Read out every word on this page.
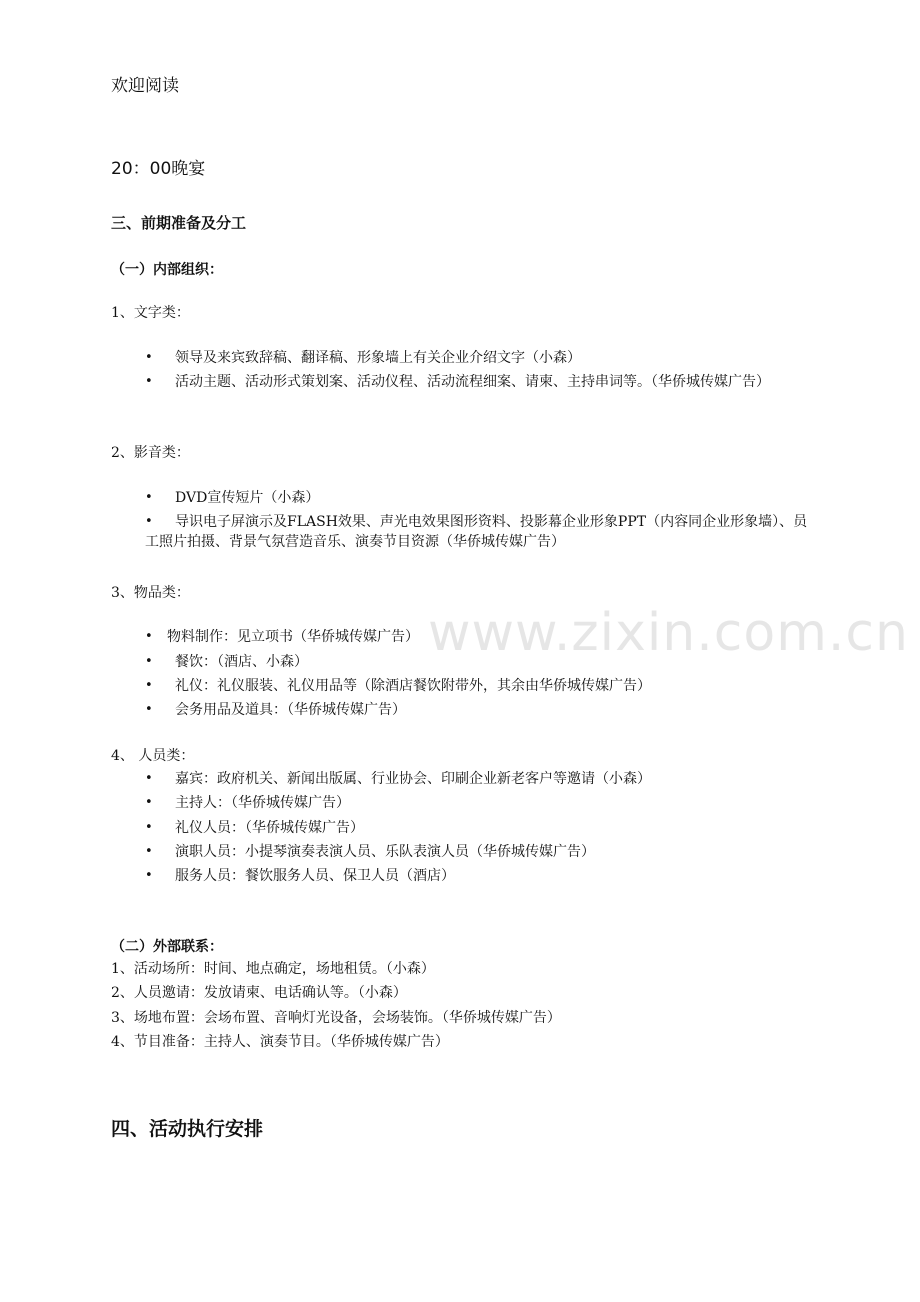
www.zixin.com.cn
欢迎阅读
20：00晚宴
三、前期准备及分工
（一）内部组织：
1、文字类：
• 领导及来宾致辞稿、翻译稿、形象墙上有关企业介绍文字（小森）
•	活动主题、活动形式策划案、活动仪程、活动流程细案、请柬、主持串词等。（华侨城传媒广告）
2、影音类：
• DVD宣传短片（小森）
•	导识电子屏演示及FLASH效果、声光电效果图形资料、投影幕企业形象PPT（内容同企业形象墙）、员工照片拍摄、背景气氛营造音乐、演奏节目资源（华侨城传媒广告）
3、物品类：
• 物料制作：见立项书（华侨城传媒广告）
• 餐饮：（酒店、小森）
• 礼仪：礼仪服装、礼仪用品等（除酒店餐饮附带外，其余由华侨城传媒广告）
• 会务用品及道具：（华侨城传媒广告）
4、 人员类：
• 嘉宾：政府机关、新闻出版属、行业协会、印刷企业新老客户等邀请（小森）
• 主持人：（华侨城传媒广告）
• 礼仪人员：（华侨城传媒广告）
• 演职人员：小提琴演奏表演人员、乐队表演人员（华侨城传媒广告）
• 服务人员：餐饮服务人员、保卫人员（酒店）
（二）外部联系：
1、活动场所：时间、地点确定，场地租赁。（小森）
2、人员邀请：发放请柬、电话确认等。（小森）
3、场地布置：会场布置、音响灯光设备，会场装饰。（华侨城传媒广告）
4、节目准备：主持人、演奏节目。（华侨城传媒广告）
四、活动执行安排
